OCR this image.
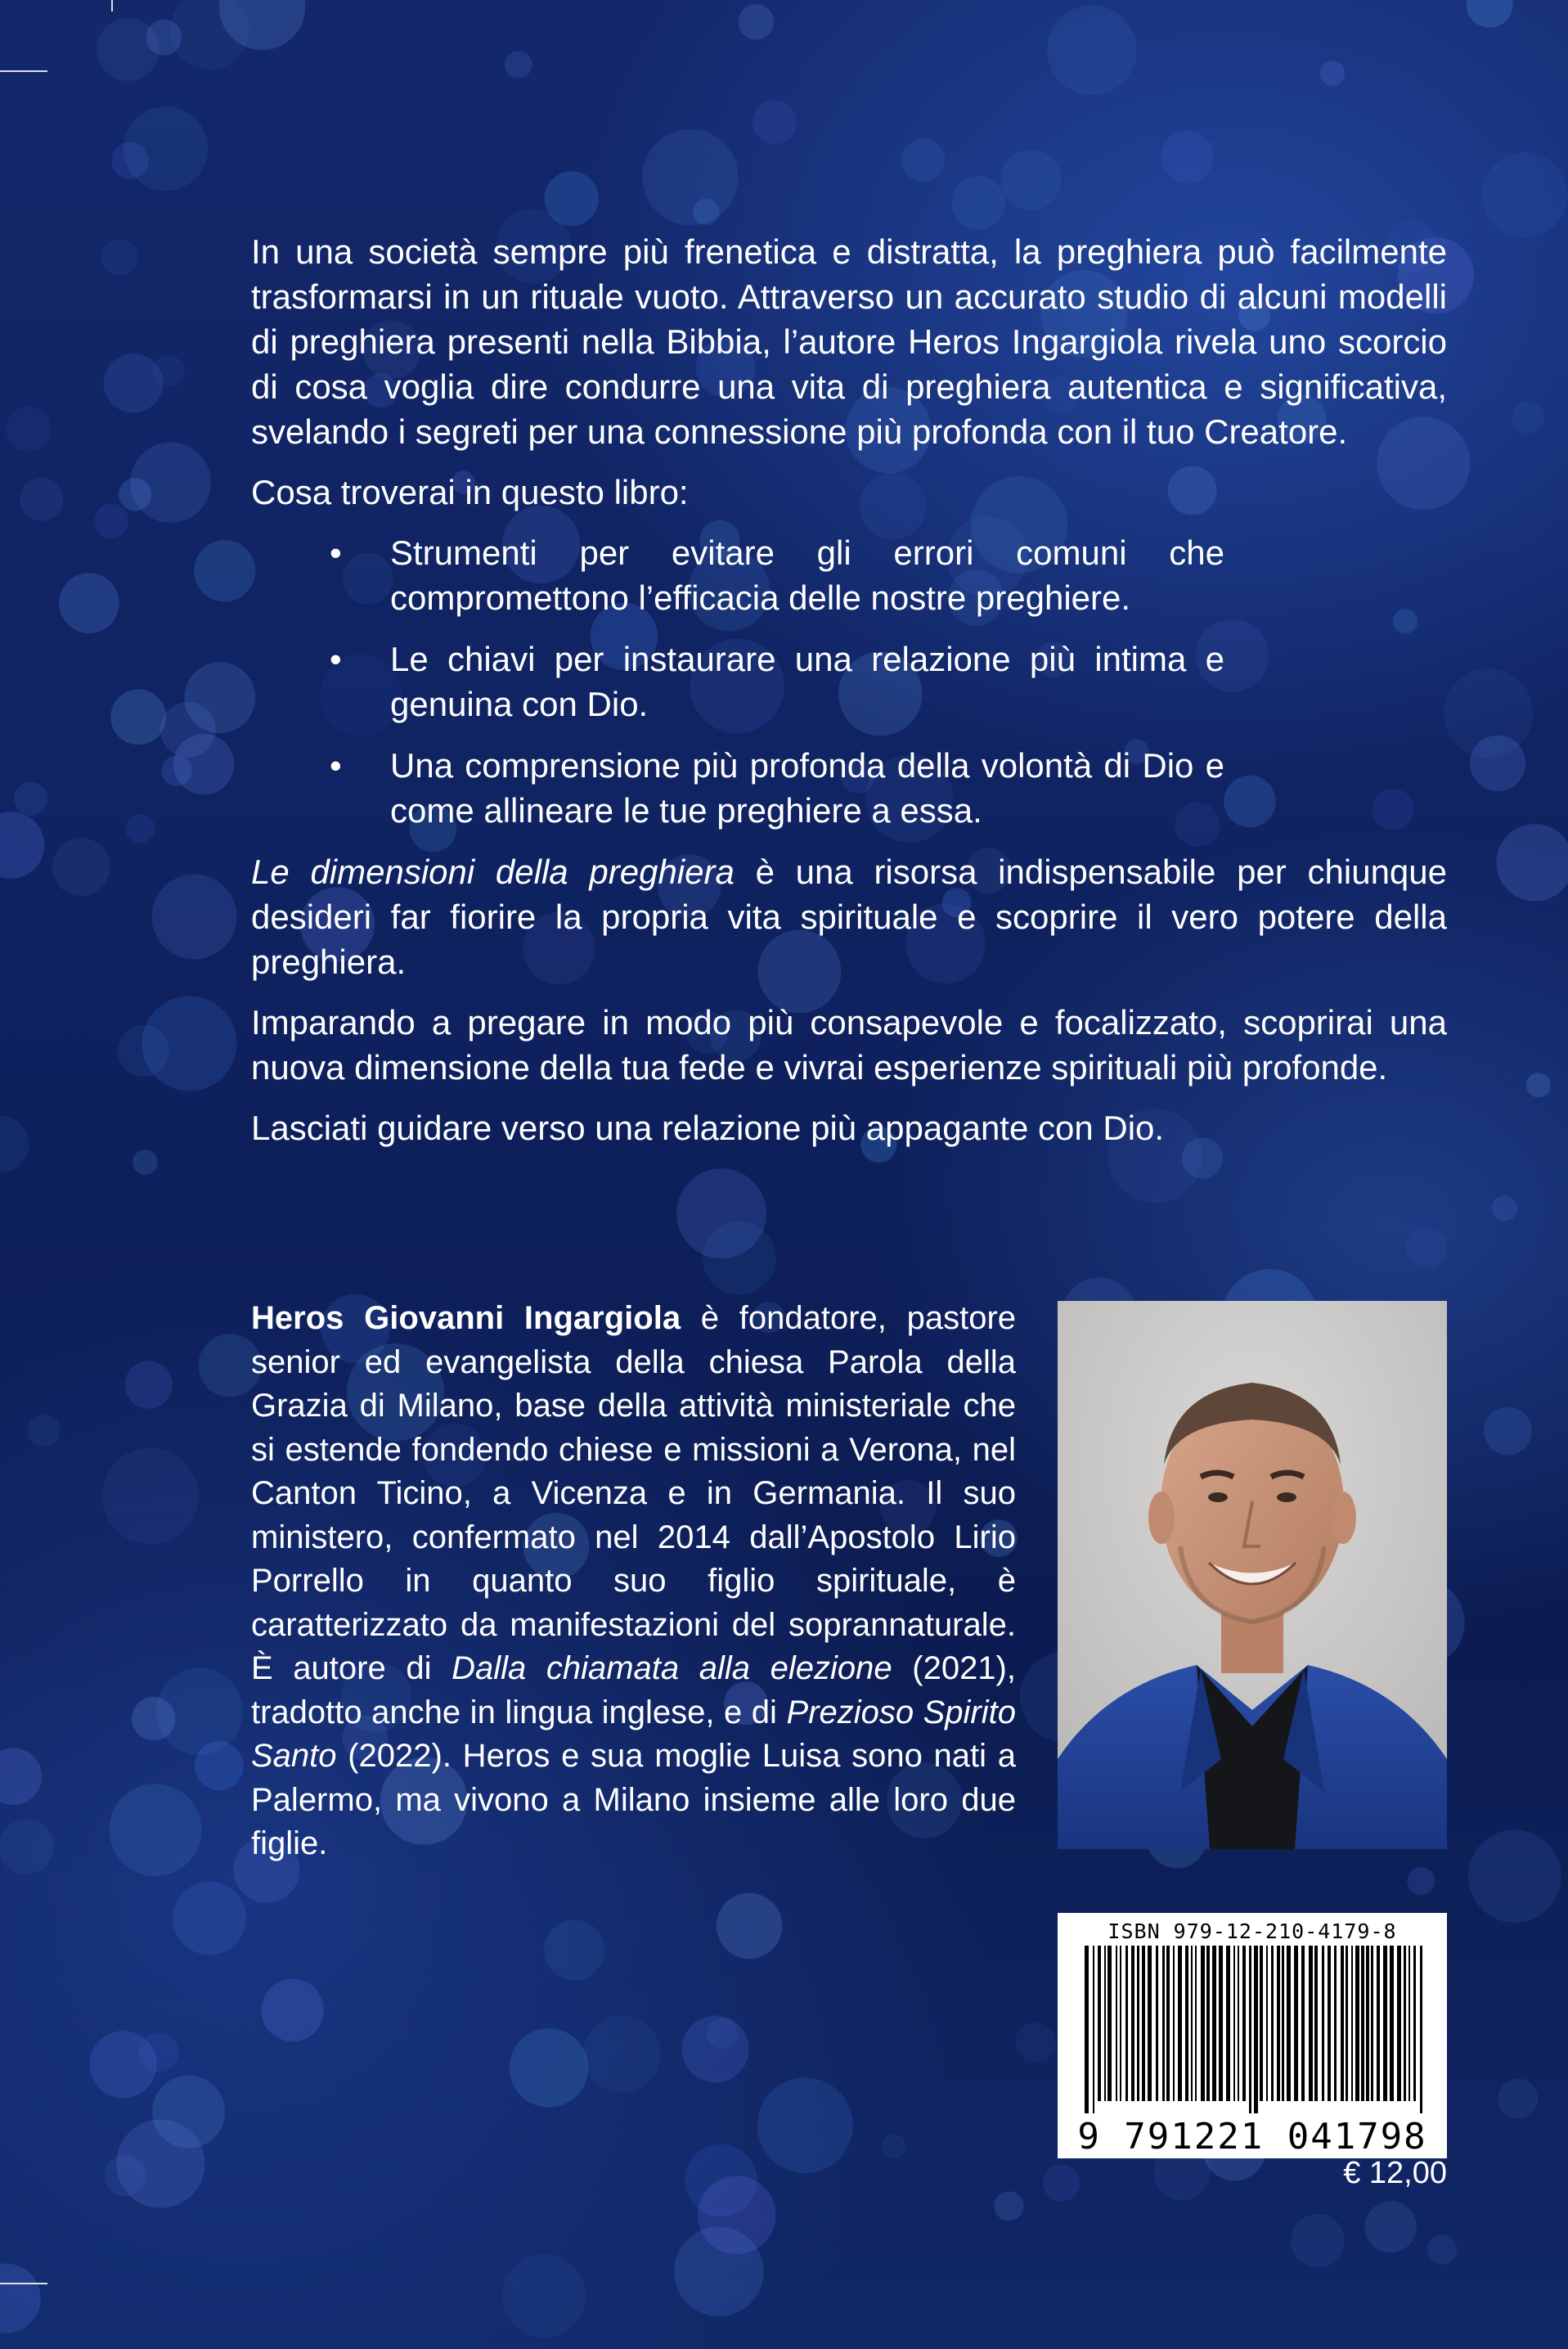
In una società sempre più frenetica e distratta, la preghiera può facilmente trasformarsi in un rituale vuoto. Attraverso un accurato studio di alcuni modelli di preghiera presenti nella Bibbia, l’autore Heros Ingargiola rivela uno scorcio di cosa voglia dire condurre una vita di preghiera autentica e significativa, svelando i segreti per una connessione più profonda con il tuo Creatore.

Cosa troverai in questo libro:

• Strumenti per evitare gli errori comuni che compromettono l’efficacia delle nostre preghiere.
• Le chiavi per instaurare una relazione più intima e genuina con Dio.
• Una comprensione più profonda della volontà di Dio e come allineare le tue preghiere a essa.

Le dimensioni della preghiera è una risorsa indispensabile per chiunque desideri far fiorire la propria vita spirituale e scoprire il vero potere della preghiera.

Imparando a pregare in modo più consapevole e focalizzato, scoprirai una nuova dimensione della tua fede e vivrai esperienze spirituali più profonde.

Lasciati guidare verso una relazione più appagante con Dio.

Heros Giovanni Ingargiola è fondatore, pastore senior ed evangelista della chiesa Parola della Grazia di Milano, base della attività ministeriale che si estende fondendo chiese e missioni a Verona, nel Canton Ticino, a Vicenza e in Germania. Il suo ministero, confermato nel 2014 dall’Apostolo Lirio Porrello in quanto suo figlio spirituale, è caratterizzato da manifestazioni del soprannaturale. È autore di Dalla chiamata alla elezione (2021), tradotto anche in lingua inglese, e di Prezioso Spirito Santo (2022). Heros e sua moglie Luisa sono nati a Palermo, ma vivono a Milano insieme alle loro due figlie.

ISBN 979-12-210-4179-8
9 791221 041798
€ 12,00
